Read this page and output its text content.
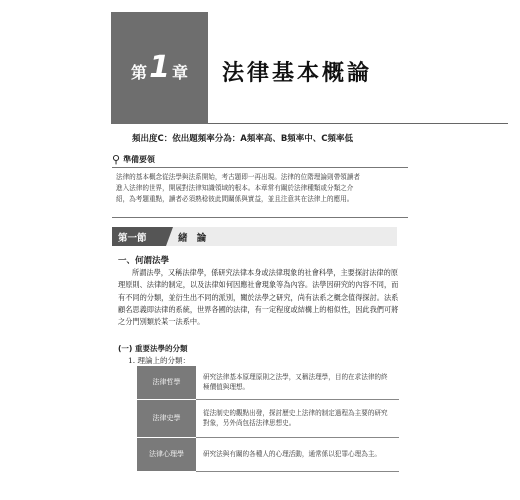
第 1 章 法律基本概論
頻出度C：依出題頻率分為：A頻率高、B頻率中、C頻率低
⚲ 準備要領
法律的基本概念從法學與法系開始，考古題即一再出現。法律的位階理論則帶領讀者
進入法律的世界，開展對法律知識領域的根本。本章常有關於法律種類或分類之介
紹，為考題重點，讀者必須熟稔彼此間關係與實益，並且注意其在法律上的應用。
第一節	緒 論
一、何謂法學
所謂法學，又稱法律學，係研究法律本身或法律現象的社會科學，主要探討法律的原理原則、法律的制定，以及法律如何因應社會現象等為內容。法學因研究的內容不同，而有不同的分類，並衍生出不同的派別，關於法學之研究，尚有法系之概念值得探討。法系顧名思義即法律的系統，世界各國的法律，有一定程度或結構上的相似性，因此我們可將之分門別類於某一法系中。
(一) 重要法學的分類
1. 理論上的分類：
法律哲學	研究法律基本原理原則之法學，又稱法理學，目的在求法律的終極價值與理想。
法律史學	從法制史的觀點出發，探討歷史上法律的制定過程為主要的研究對象，另外尚包括法律思想史。
法律心理學	研究法與有關的各種人的心理活動，通常係以犯罪心理為主。
